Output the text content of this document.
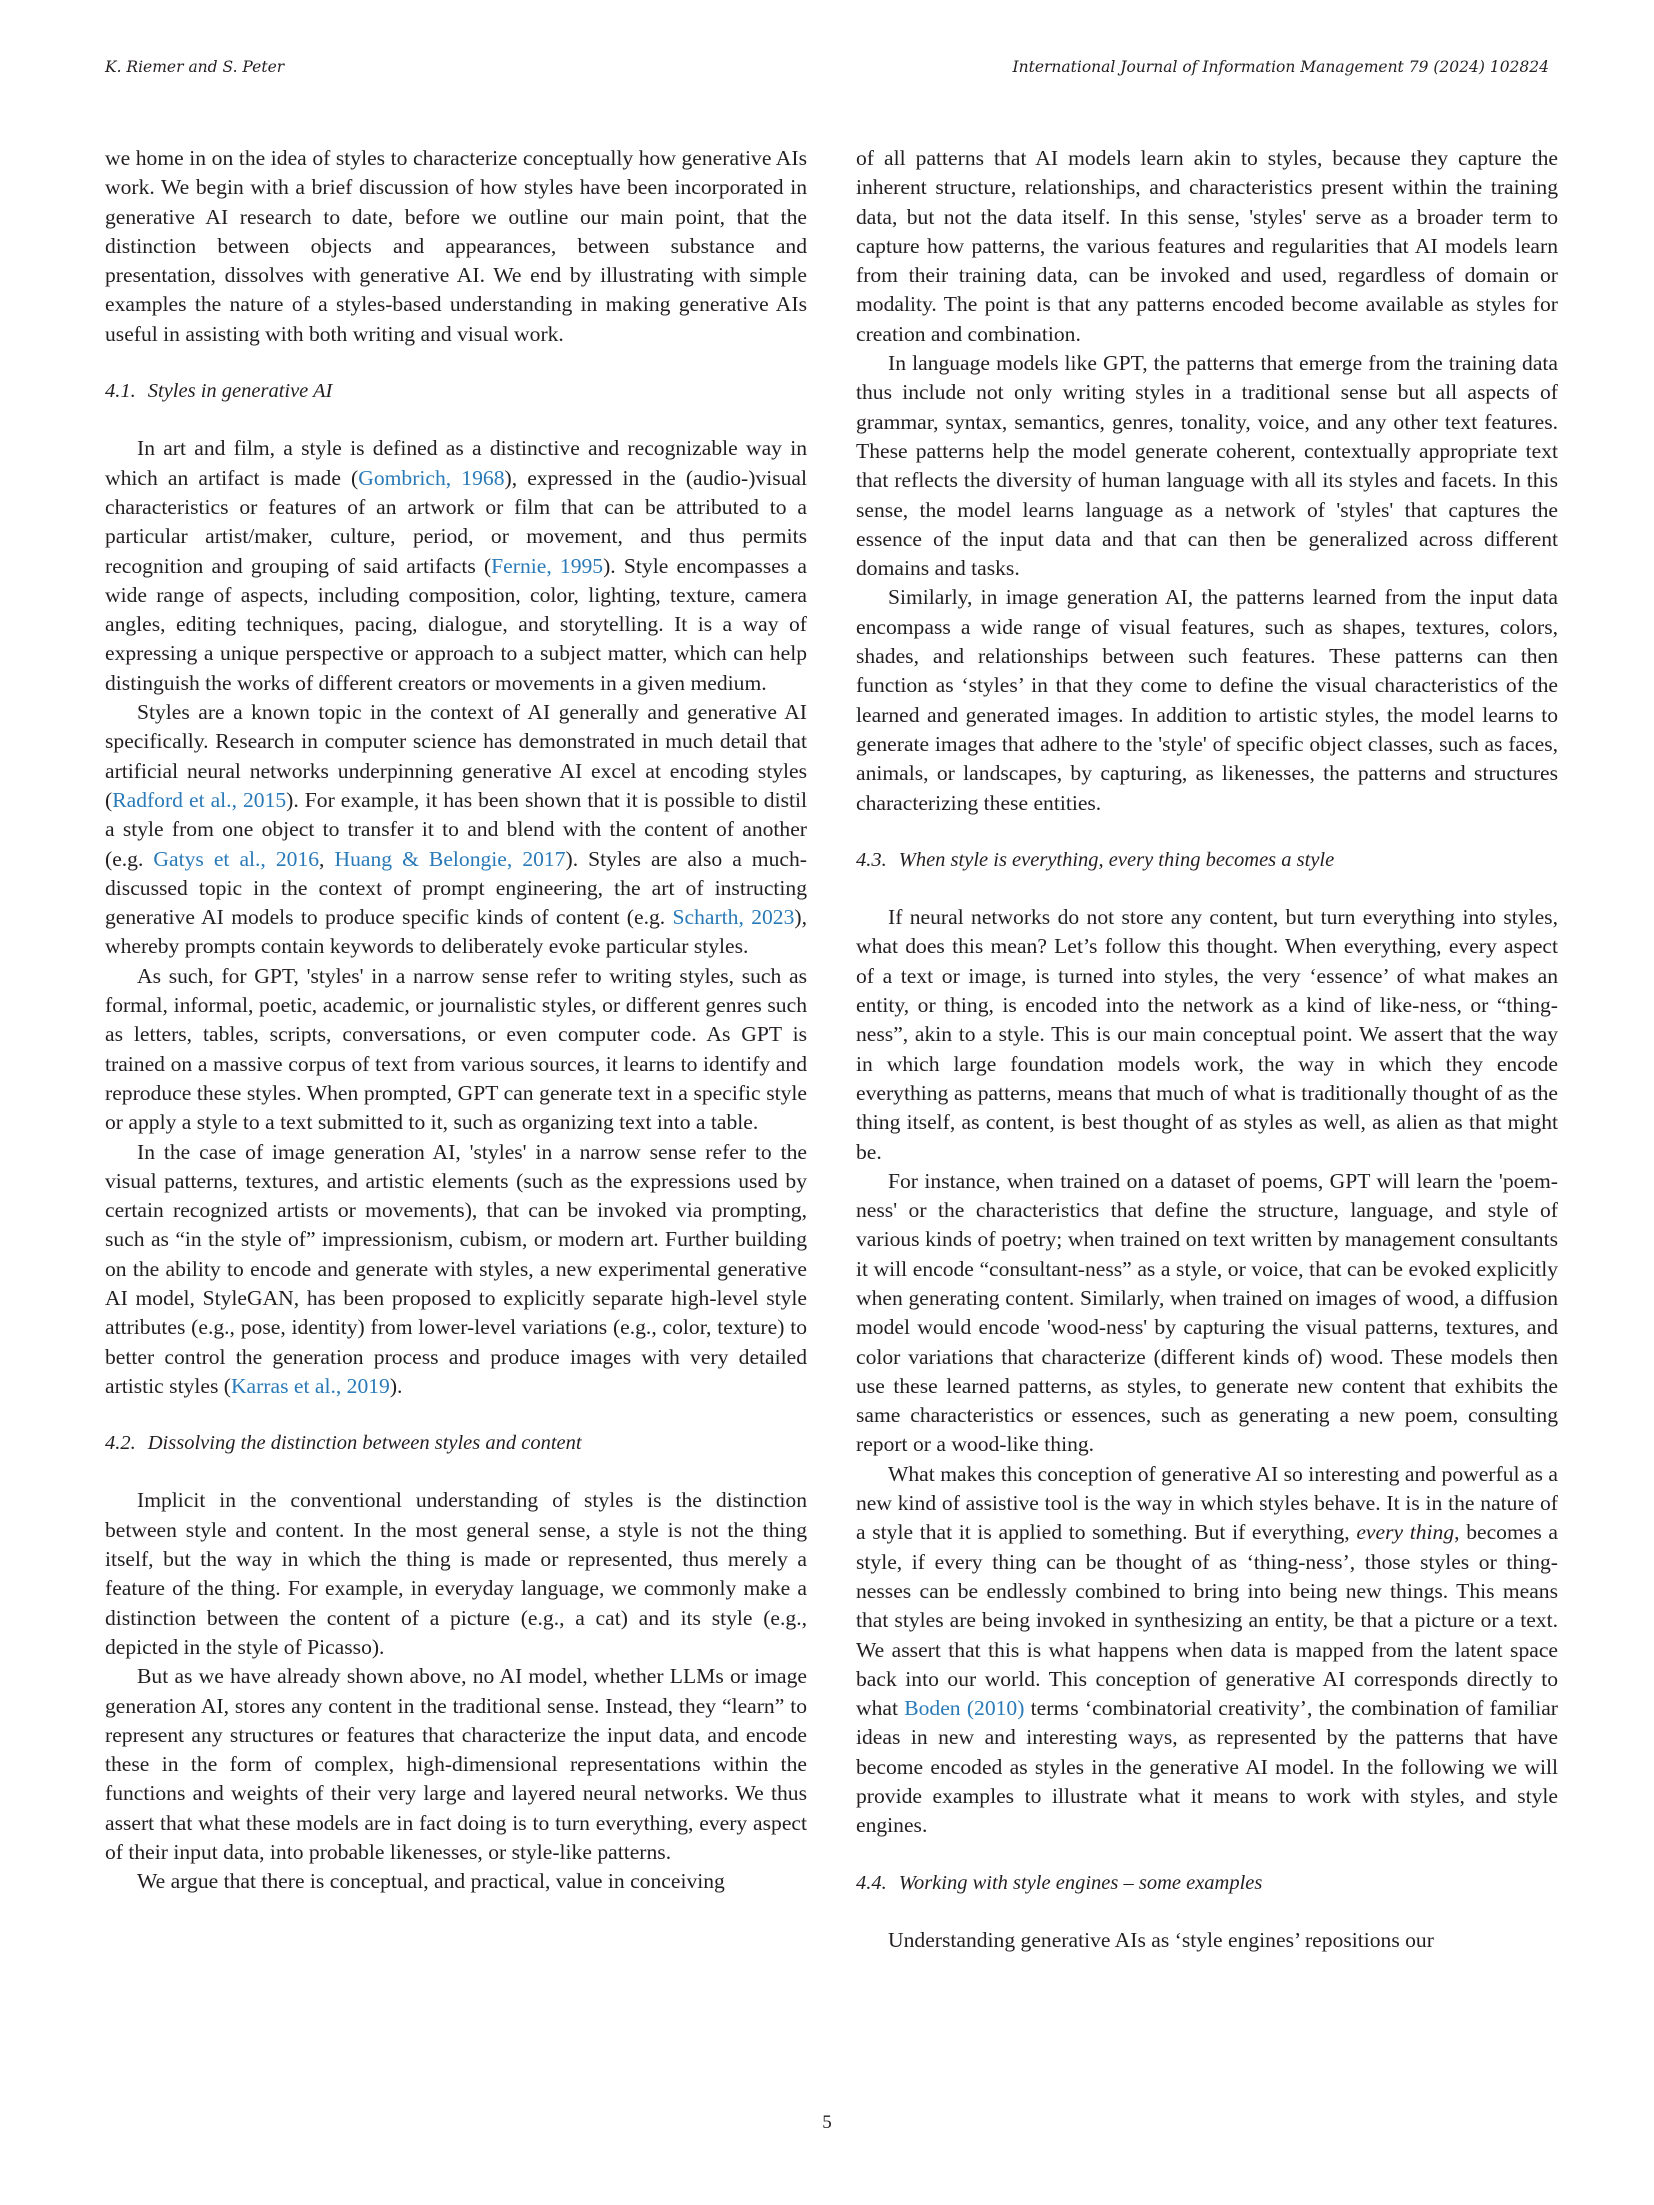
K. Riemer and S. Peter	International Journal of Information Management 79 (2024) 102824

we home in on the idea of styles to characterize conceptually how generative AIs work. We begin with a brief discussion of how styles have been incorporated in generative AI research to date, before we outline our main point, that the distinction between objects and appearances, between substance and presentation, dissolves with generative AI. We end by illustrating with simple examples the nature of a styles-based understanding in making generative AIs useful in assisting with both writing and visual work.

4.1. Styles in generative AI

In art and film, a style is defined as a distinctive and recognizable way in which an artifact is made (Gombrich, 1968), expressed in the (audio-)visual characteristics or features of an artwork or film that can be attributed to a particular artist/maker, culture, period, or movement, and thus permits recognition and grouping of said artifacts (Fernie, 1995). Style encompasses a wide range of aspects, including composition, color, lighting, texture, camera angles, editing techniques, pacing, dialogue, and storytelling. It is a way of expressing a unique perspective or approach to a subject matter, which can help distinguish the works of different creators or movements in a given medium.

Styles are a known topic in the context of AI generally and generative AI specifically. Research in computer science has demonstrated in much detail that artificial neural networks underpinning generative AI excel at encoding styles (Radford et al., 2015). For example, it has been shown that it is possible to distil a style from one object to transfer it to and blend with the content of another (e.g. Gatys et al., 2016, Huang & Belongie, 2017). Styles are also a much-discussed topic in the context of prompt engineering, the art of instructing generative AI models to produce specific kinds of content (e.g. Scharth, 2023), whereby prompts contain keywords to deliberately evoke particular styles.

As such, for GPT, 'styles' in a narrow sense refer to writing styles, such as formal, informal, poetic, academic, or journalistic styles, or different genres such as letters, tables, scripts, conversations, or even computer code. As GPT is trained on a massive corpus of text from various sources, it learns to identify and reproduce these styles. When prompted, GPT can generate text in a specific style or apply a style to a text submitted to it, such as organizing text into a table.

In the case of image generation AI, 'styles' in a narrow sense refer to the visual patterns, textures, and artistic elements (such as the expressions used by certain recognized artists or movements), that can be invoked via prompting, such as “in the style of” impressionism, cubism, or modern art. Further building on the ability to encode and generate with styles, a new experimental generative AI model, StyleGAN, has been proposed to explicitly separate high-level style attributes (e.g., pose, identity) from lower-level variations (e.g., color, texture) to better control the generation process and produce images with very detailed artistic styles (Karras et al., 2019).

4.2. Dissolving the distinction between styles and content

Implicit in the conventional understanding of styles is the distinction between style and content. In the most general sense, a style is not the thing itself, but the way in which the thing is made or represented, thus merely a feature of the thing. For example, in everyday language, we commonly make a distinction between the content of a picture (e.g., a cat) and its style (e.g., depicted in the style of Picasso).

But as we have already shown above, no AI model, whether LLMs or image generation AI, stores any content in the traditional sense. Instead, they “learn” to represent any structures or features that characterize the input data, and encode these in the form of complex, high-dimensional representations within the functions and weights of their very large and layered neural networks. We thus assert that what these models are in fact doing is to turn everything, every aspect of their input data, into probable likenesses, or style-like patterns.

We argue that there is conceptual, and practical, value in conceiving

of all patterns that AI models learn akin to styles, because they capture the inherent structure, relationships, and characteristics present within the training data, but not the data itself. In this sense, 'styles' serve as a broader term to capture how patterns, the various features and regularities that AI models learn from their training data, can be invoked and used, regardless of domain or modality. The point is that any patterns encoded become available as styles for creation and combination.

In language models like GPT, the patterns that emerge from the training data thus include not only writing styles in a traditional sense but all aspects of grammar, syntax, semantics, genres, tonality, voice, and any other text features. These patterns help the model generate coherent, contextually appropriate text that reflects the diversity of human language with all its styles and facets. In this sense, the model learns language as a network of 'styles' that captures the essence of the input data and that can then be generalized across different domains and tasks.

Similarly, in image generation AI, the patterns learned from the input data encompass a wide range of visual features, such as shapes, textures, colors, shades, and relationships between such features. These patterns can then function as ‘styles’ in that they come to define the visual characteristics of the learned and generated images. In addition to artistic styles, the model learns to generate images that adhere to the 'style' of specific object classes, such as faces, animals, or landscapes, by capturing, as likenesses, the patterns and structures characterizing these entities.

4.3. When style is everything, every thing becomes a style

If neural networks do not store any content, but turn everything into styles, what does this mean? Let’s follow this thought. When everything, every aspect of a text or image, is turned into styles, the very ‘essence’ of what makes an entity, or thing, is encoded into the network as a kind of like-ness, or “thing-ness”, akin to a style. This is our main conceptual point. We assert that the way in which large foundation models work, the way in which they encode everything as patterns, means that much of what is traditionally thought of as the thing itself, as content, is best thought of as styles as well, as alien as that might be.

For instance, when trained on a dataset of poems, GPT will learn the 'poem-ness' or the characteristics that define the structure, language, and style of various kinds of poetry; when trained on text written by management consultants it will encode “consultant-ness” as a style, or voice, that can be evoked explicitly when generating content. Similarly, when trained on images of wood, a diffusion model would encode 'wood-ness' by capturing the visual patterns, textures, and color variations that characterize (different kinds of) wood. These models then use these learned patterns, as styles, to generate new content that exhibits the same characteristics or essences, such as generating a new poem, consulting report or a wood-like thing.

What makes this conception of generative AI so interesting and powerful as a new kind of assistive tool is the way in which styles behave. It is in the nature of a style that it is applied to something. But if everything, every thing, becomes a style, if every thing can be thought of as ‘thing-ness’, those styles or thing-nesses can be endlessly combined to bring into being new things. This means that styles are being invoked in synthesizing an entity, be that a picture or a text. We assert that this is what happens when data is mapped from the latent space back into our world. This conception of generative AI corresponds directly to what Boden (2010) terms ‘combinatorial creativity’, the combination of familiar ideas in new and interesting ways, as represented by the patterns that have become encoded as styles in the generative AI model. In the following we will provide examples to illustrate what it means to work with styles, and style engines.

4.4. Working with style engines – some examples

Understanding generative AIs as ‘style engines’ repositions our

5
